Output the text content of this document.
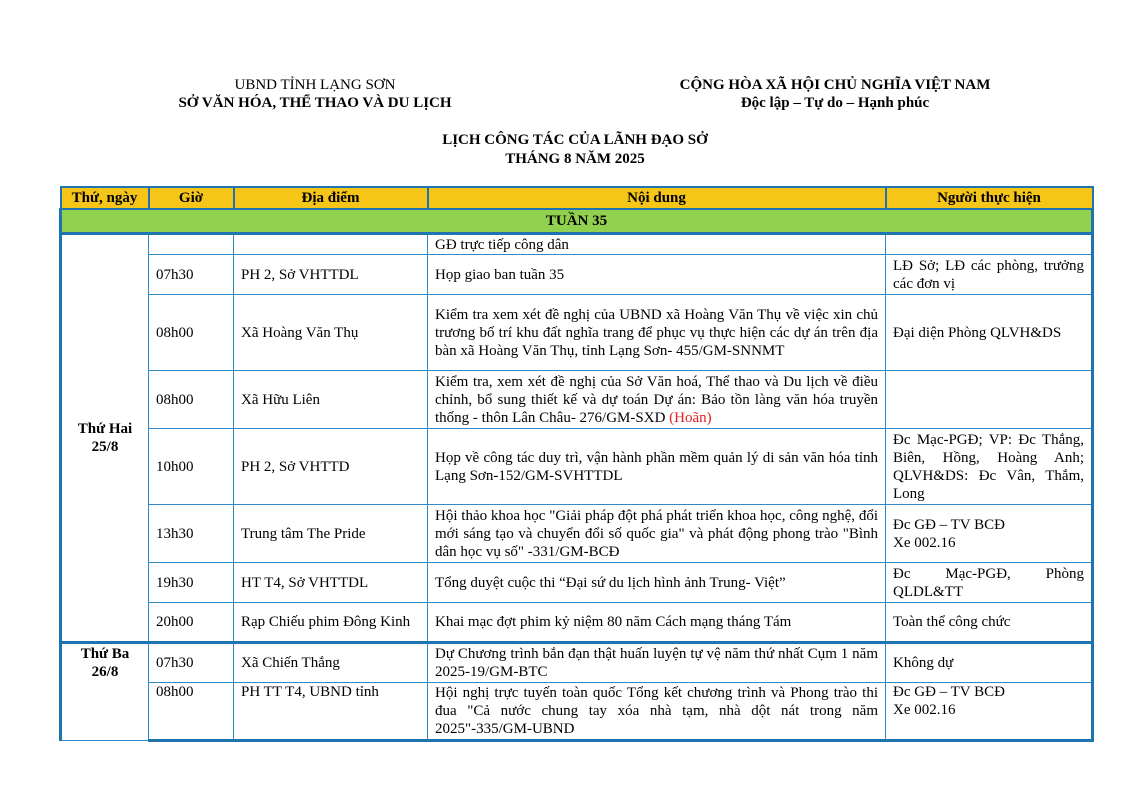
UBND TỈNH LẠNG SƠN
SỞ VĂN HÓA, THỂ THAO VÀ DU LỊCH
CỘNG HÒA XÃ HỘI CHỦ NGHĨA VIỆT NAM
Độc lập – Tự do – Hạnh phúc
LỊCH CÔNG TÁC CỦA LÃNH ĐẠO SỞ
THÁNG 8 NĂM 2025
Thứ, ngày	Giờ	Địa điểm	Nội dung	Người thực hiện
TUẦN 35				

Thứ Hai
25/8			GĐ trực tiếp công dân	
	07h30	PH 2, Sở VHTTDL	Họp giao ban tuần 35	LĐ Sở; LĐ các phòng, trưởng các đơn vị
	08h00	Xã Hoàng Văn Thụ	Kiểm tra xem xét đề nghị của UBND xã Hoàng Văn Thụ về việc xin chủ trương bố trí khu đất nghĩa trang để phục vụ thực hiện các dự án trên địa bàn xã Hoàng Văn Thụ, tỉnh Lạng Sơn- 455/GM-SNNMT	Đại diện Phòng QLVH&DS
	08h00	Xã Hữu Liên	Kiểm tra, xem xét đề nghị của Sở Văn hoá, Thể thao và Du lịch về điều chỉnh, bổ sung thiết kế và dự toán Dự án: Bảo tồn làng văn hóa truyền thống - thôn Lân Châu- 276/GM-SXD (Hoãn)	
	10h00	PH 2, Sở VHTTD	Họp về công tác duy trì, vận hành phần mềm quản lý di sản văn hóa tỉnh Lạng Sơn-152/GM-SVHTTDL	Đc Mạc-PGĐ; VP: Đc Thắng, Biên, Hồng, Hoàng Anh; QLVH&DS: Đc Vân, Thắm, Long
	13h30	Trung tâm The Pride	Hội thảo khoa học "Giải pháp đột phá phát triển khoa học, công nghệ, đổi mới sáng tạo và chuyển đổi số quốc gia" và phát động phong trào "Bình dân học vụ số" -331/GM-BCĐ	Đc GĐ – TV BCĐ
Xe 002.16

	19h30	HT T4, Sở VHTTDL	Tổng duyệt cuộc thi “Đại sứ du lịch hình ảnh Trung- Việt”	Đc Mạc-PGĐ, Phòng QLDL&TT
	20h00	Rạp Chiếu phim Đông Kinh	Khai mạc đợt phim kỷ niệm 80 năm Cách mạng tháng Tám	Toàn thể công chức

Thứ Ba
26/8	07h30	Xã Chiến Thắng	Dự Chương trình bắn đạn thật huấn luyện tự vệ năm thứ nhất Cụm 1 năm 2025-19/GM-BTC	Không dự
	08h00	PH TT T4, UBND tỉnh	Hội nghị trực tuyến toàn quốc Tổng kết chương trình và Phong trào thi đua "Cả nước chung tay xóa nhà tạm, nhà dột nát trong năm 2025"-335/GM-UBND	Đc GĐ – TV BCĐ
Xe 002.16
